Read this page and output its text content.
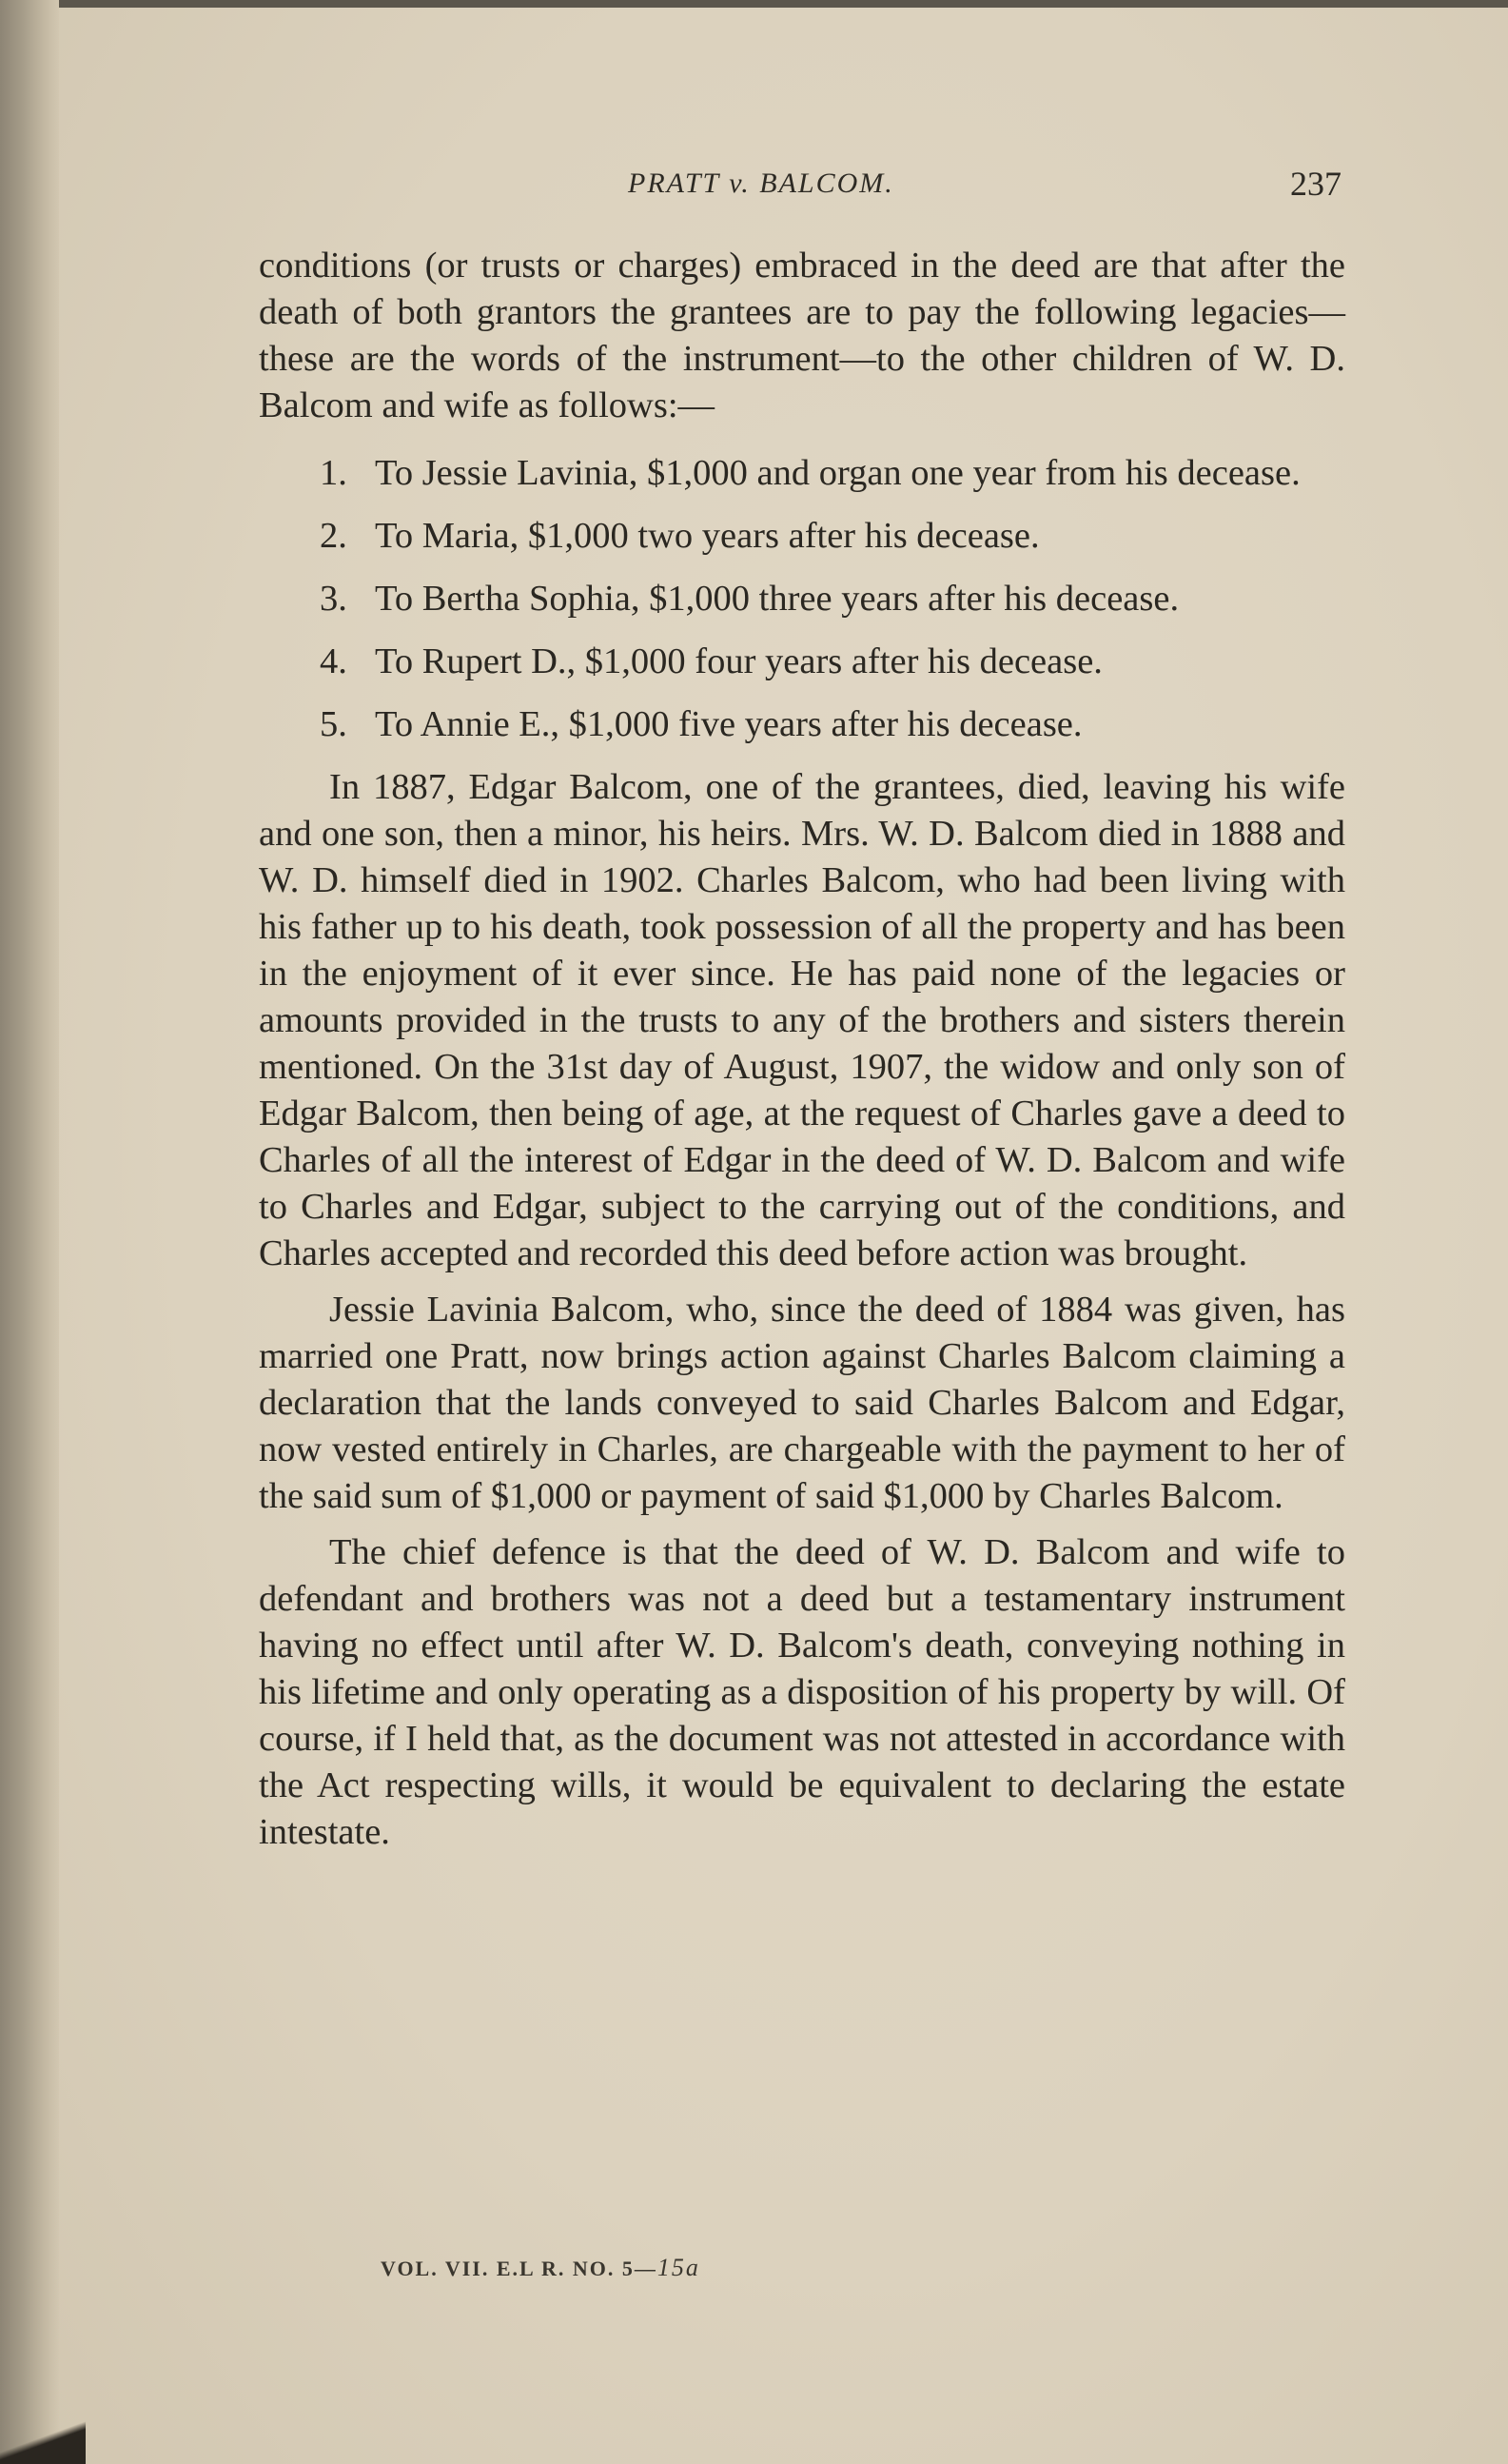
PRATT v. BALCOM.	237

conditions (or trusts or charges) embraced in the deed are that after the death of both grantors the grantees are to pay the following legacies—these are the words of the instrument—to the other children of W. D. Balcom and wife as follows:—

1. To Jessie Lavinia, $1,000 and organ one year from his decease.
2. To Maria, $1,000 two years after his decease.
3. To Bertha Sophia, $1,000 three years after his decease.
4. To Rupert D., $1,000 four years after his decease.
5. To Annie E., $1,000 five years after his decease.

In 1887, Edgar Balcom, one of the grantees, died, leaving his wife and one son, then a minor, his heirs. Mrs. W. D. Balcom died in 1888 and W. D. himself died in 1902. Charles Balcom, who had been living with his father up to his death, took possession of all the property and has been in the enjoyment of it ever since. He has paid none of the legacies or amounts provided in the trusts to any of the brothers and sisters therein mentioned. On the 31st day of August, 1907, the widow and only son of Edgar Balcom, then being of age, at the request of Charles gave a deed to Charles of all the interest of Edgar in the deed of W. D. Balcom and wife to Charles and Edgar, subject to the carrying out of the conditions, and Charles accepted and recorded this deed before action was brought.

Jessie Lavinia Balcom, who, since the deed of 1884 was given, has married one Pratt, now brings action against Charles Balcom claiming a declaration that the lands conveyed to said Charles Balcom and Edgar, now vested entirely in Charles, are chargeable with the payment to her of the said sum of $1,000 or payment of said $1,000 by Charles Balcom.

The chief defence is that the deed of W. D. Balcom and wife to defendant and brothers was not a deed but a testamentary instrument having no effect until after W. D. Balcom's death, conveying nothing in his lifetime and only operating as a disposition of his property by will. Of course, if I held that, as the document was not attested in accordance with the Act respecting wills, it would be equivalent to declaring the estate intestate.

VOL. VII. E.L R. NO. 5—15a
